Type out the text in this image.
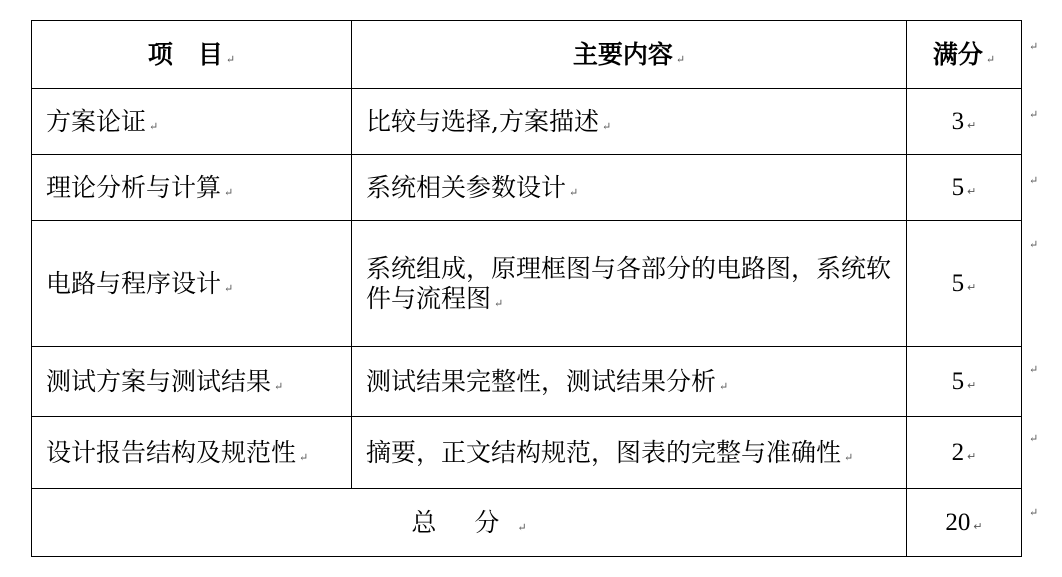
项　目 ↵	主要内容 ↵	满分 ↵
方案论证 ↵	比较与选择,方案描述 ↵	3 ↵
理论分析与计算 ↵	系统相关参数设计 ↵	5 ↵
电路与程序设计 ↵	系统组成，原理框图与各部分的电路图，系统软件与流程图 ↵	5 ↵
测试方案与测试结果 ↵	测试结果完整性，测试结果分析 ↵	5 ↵
设计报告结构及规范性 ↵	摘要，正文结构规范，图表的完整与准确性 ↵	2 ↵
总 分 ↵		20 ↵
↵
↵
↵
↵
↵
↵
↵
